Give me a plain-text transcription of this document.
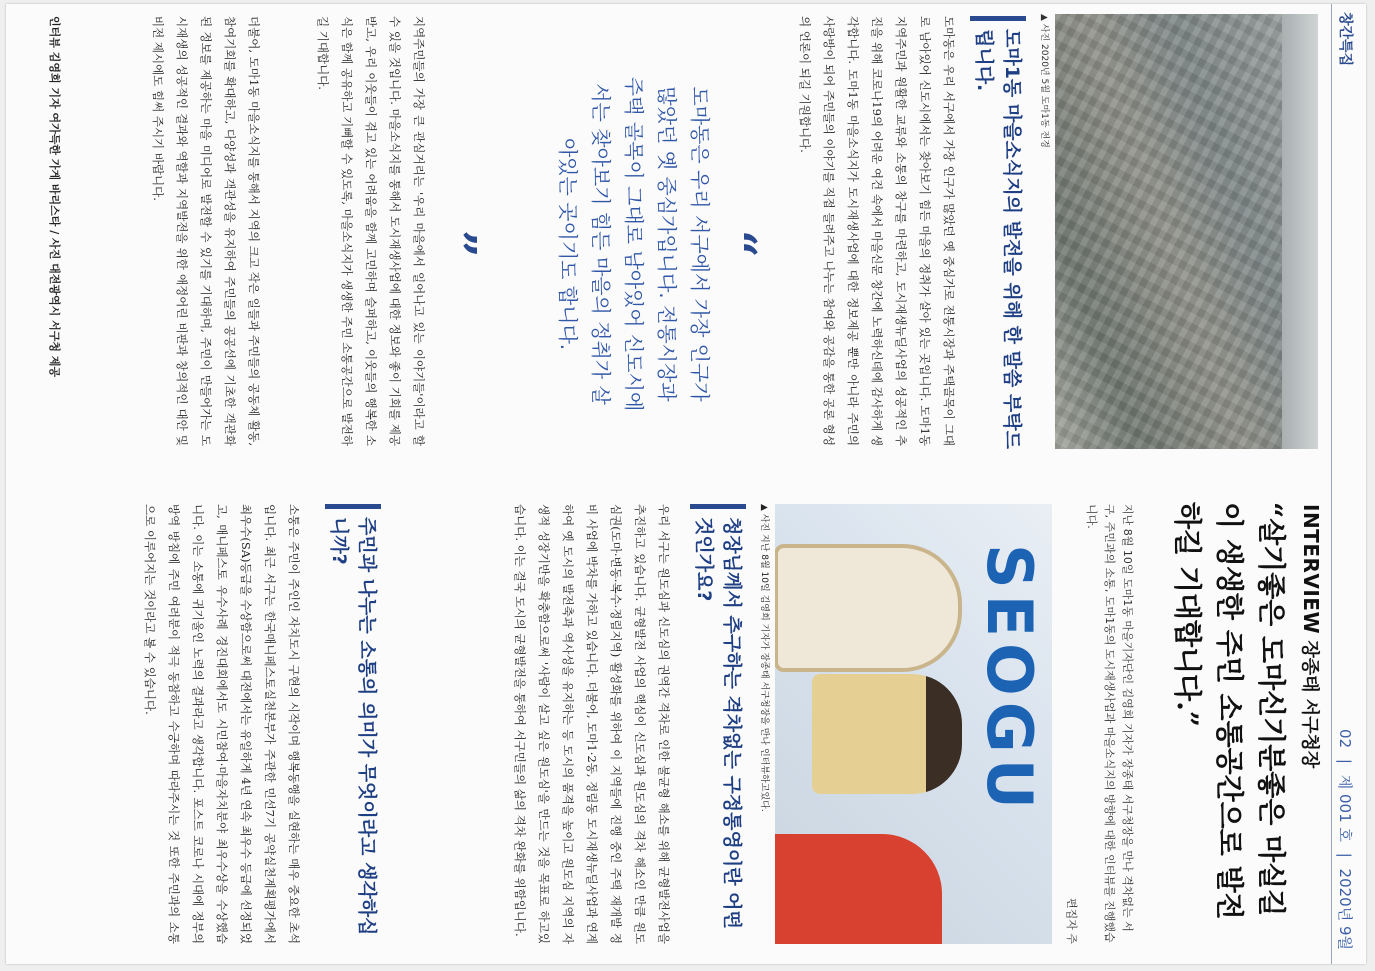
창간특집
02 | 제 001 호 | 2020년 9월
▲ 사진 2020년 5월 도마1동 전경
도마1동 마을소식지의 발전을 위해 한 말씀 부탁드립니다.
도마동은 우리 서구에서 가장 인구가 많았던 옛 중심가로 전통시장과 주택골목이 그대로 남아있어 신도시에서는 찾아보기 힘든 마을의 정취가 살아 있는 곳입니다. 도마1동 지역주민과 원활한 교류와 소통의 창구를 마련하고, 도시재생뉴딜사업의 성공적인 추진을 위해 코로나19의 어려운 여건 속에서 마을신문 창간에 노력하신데에 감사하게 생각합니다. 도마1동 마을소식지가 도시재생사업에 대한 정보제공 뿐만 아니라 주민의 사랑방이 되어 주민들의 이야기를 직접 들려주고 나누는 참여와 공감을 통한 공론 형성의 언론이 되길 기원합니다.
“
도마동은 우리 서구에서 가장 인구가 많았던 옛 중심가입니다. 전통시장과 주택 골목이 그대로 남아있어 신도시에서는 찾아보기 힘든 마을의 정취가 살아있는 곳이기도 합니다.
”
지역주민들의 가장 큰 관심거리는 '우리 마을에서 일어나고 있는 이야기들'이라고 할 수 있을 것입니다. 마을소식지를 통해서 도시재생사업에 대한 정보와 좋이 기회를 제공 받고, 우리 이웃들이 겪고 있는 어려움을 함께 고민하며 슬퍼하고, 이웃들의 행복한 소식은 함께 공유하고 기뻐할 수 있도록, 마을소식지가 생생한 주민 소통공간으로 발전하길 기대합니다.
더불어, 도마1동 마을소식지를 통해서 지역의 크고 작은 일들과 주민들의 공동체 활동, 참여기회를 확대하고, 다양성과 객관성을 유지하여 주민들의 공공선에 기초한 객관화된 정보를 제공하는 마을 미디어로 발전할 수 있기를 기대하며, 주민이 만들어가는 도시재생의 성공적인 결과와 역할과 지역발전을 위한 애정어린 비판과 창의적인 대안 및 비전 제시에도 힘써 주시기 바랍니다.
인터뷰 김영희 기자 여가득한 가게 바리스타 / 사진 대전광역시 서구청 제공
INTERVIEW 장종태 서구청장
“살기좋은 도마신기분좋은 마실길이 생생한 주민 소통공간으로 발전하길 기대합니다.”
지난 8월 10일 도마1동 마을기자단인 김영희 기자가 장종태 서구청장을 만나 격차없는 서구, 주민과의 소통, 도마1동의 도시재생사업과 마을소식지의 방향에 대한 인터뷰를 진행했습니다.
편집자 주
SEOGU
▲ 사진 지난 8월 10일 김영희 기자가 장종태 서구청장을 만나 인터뷰하고있다.
청장님께서 추구하는 격차없는 구정통영이란 어떤 것인가요?
우리 서구는 원도심과 신도심의 권역간 격차로 인한 불균형 해소를 위해 균형발전사업을 추진하고 있습니다. 균형발전 사업의 핵심이 신도심과 원도심의 격차 해소인 만큼 원도심권(도마·변동·복수·정림지역) 활성화를 위하여 이 지역들에 진행 중인 주택 재개발 정비 사업에 박차를 가하고 있습니다. 더불어, 도마1·2동, 정림동 도시재생뉴딜사업과 연계하여 옛 도시의 발전축과 역사성을 유지하는 등 도시의 품격을 높이고 원도심 지역의 자생적 성장기반을 확충함으로써 '사람이 살고 싶은 원도심'을 만드는 것을 목표로 하고있습니다. 이는 결국 도시의 균형발전을 통하여 서구민들의 삶의 격차 완화를 위함입니다.
주민과 나누는 소통의 의미가 무엇이라고 생각하십니까?
소통은 주민이 주인인 자치도시 구현의 시작이며 행복동행을 실현하는 매우 중요한 초석입니다. 최근 서구는 한국매니페스토실천본부가 주관한 민선7기 공약실천계획평가에서 최우수(SA)등급을 수상함으로써 대전에서는 유일하게 4년 연속 최우수 등급에 선정되었고, 매니페스토 우수사례 경진대회에서도 시민참여·마을자치분야 최우수상을 수상했습니다. 이는 소통에 귀기울인 노력의 결과라고 생각합니다. 포스트 코로나 시대에 정부의 방역 방침에 주민 여러분이 적극 동참하고 수긍하며 따라주시는 것 또한 주민과의 소통으로 이루어지는 것이라고 볼 수 있습니다.
